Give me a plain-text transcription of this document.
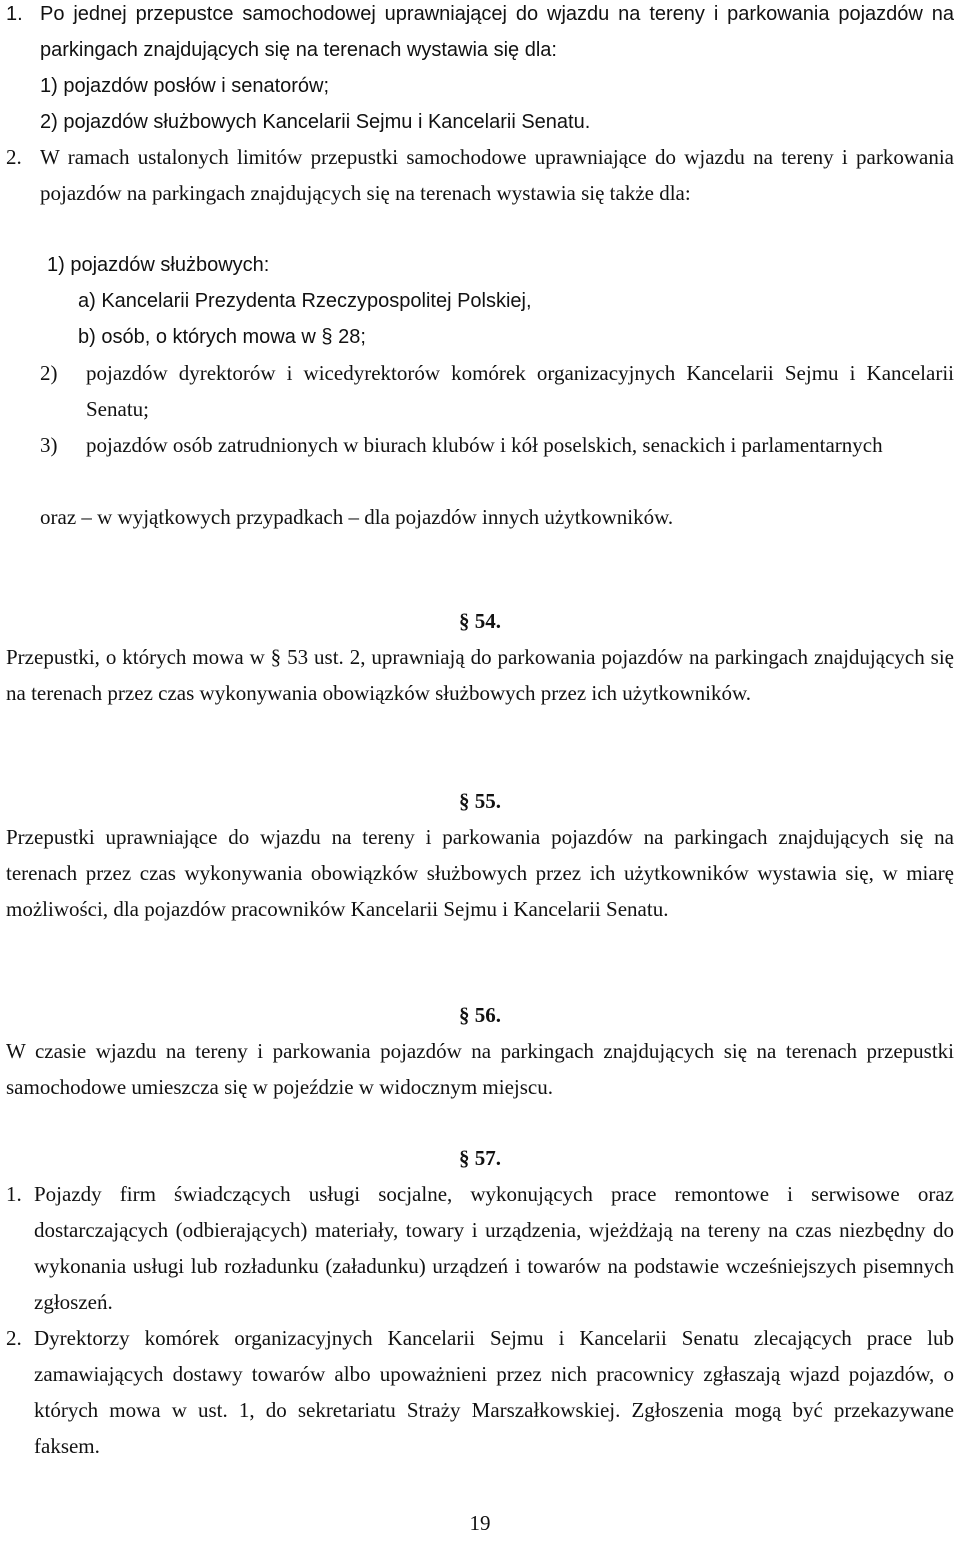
1. Po jednej przepustce samochodowej uprawniającej do wjazdu na tereny i parkowania pojazdów na parkingach znajdujących się na terenach wystawia się dla:

1) pojazdów posłów i senatorów;
2) pojazdów służbowych Kancelarii Sejmu i Kancelarii Senatu.
2. W ramach ustalonych limitów przepustki samochodowe uprawniające do wjazdu na tereny i parkowania pojazdów na parkingach znajdujących się na terenach wystawia się także dla:

1) pojazdów służbowych:
a) Kancelarii Prezydenta Rzeczypospolitej Polskiej,
b) osób, o których mowa w § 28;
2) pojazdów dyrektorów i wicedyrektorów komórek organizacyjnych Kancelarii Sejmu i Kancelarii Senatu;

3) pojazdów osób zatrudnionych w biurach klubów i kół poselskich, senackich i parlamentarnych

oraz – w wyjątkowych przypadkach – dla pojazdów innych użytkowników.

§ 54.

Przepustki, o których mowa w § 53 ust. 2, uprawniają do parkowania pojazdów na parkingach znajdujących się na terenach przez czas wykonywania obowiązków służbowych przez ich użytkowników.

§ 55.

Przepustki uprawniające do wjazdu na tereny i parkowania pojazdów na parkingach znajdujących się na terenach przez czas wykonywania obowiązków służbowych przez ich użytkowników wystawia się, w miarę możliwości, dla pojazdów pracowników Kancelarii Sejmu i Kancelarii Senatu.

§ 56.

W czasie wjazdu na tereny i parkowania pojazdów na parkingach znajdujących się na terenach przepustki samochodowe umieszcza się w pojeździe w widocznym miejscu.

§ 57.

1. Pojazdy firm świadczących usługi socjalne, wykonujących prace remontowe i serwisowe oraz dostarczających (odbierających) materiały, towary i urządzenia, wjeżdżają na tereny na czas niezbędny do wykonania usługi lub rozładunku (załadunku) urządzeń i towarów na podstawie wcześniejszych pisemnych zgłoszeń.

2. Dyrektorzy komórek organizacyjnych Kancelarii Sejmu i Kancelarii Senatu zlecających prace lub zamawiających dostawy towarów albo upoważnieni przez nich pracownicy zgłaszają wjazd pojazdów, o których mowa w ust. 1, do sekretariatu Straży Marszałkowskiej. Zgłoszenia mogą być przekazywane faksem.

19
